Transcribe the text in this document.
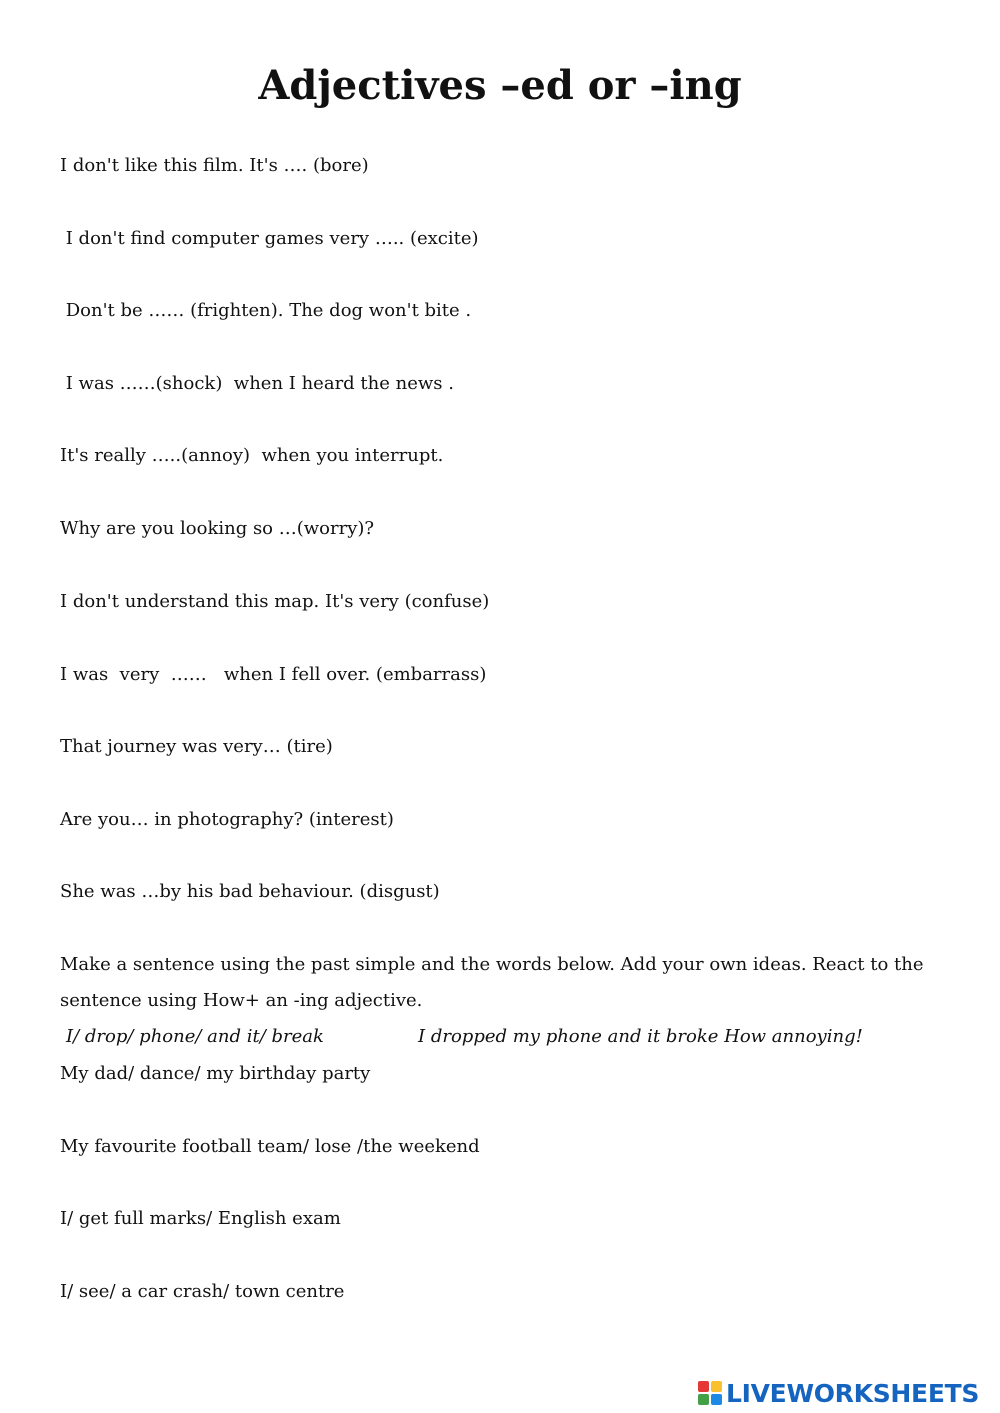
Adjectives –ed or –ing
I don't like this film. It's …. (bore)
I don't find computer games very ….. (excite)
Don't be …… (frighten). The dog won't bite .
I was ……(shock)  when I heard the news .
It's really …..(annoy)  when you interrupt.
Why are you looking so …(worry)?
I don't understand this map. It's very (confuse)
I was  very  ……   when I fell over. (embarrass)
That journey was very… (tire)
Are you… in photography? (interest)
She was …by his bad behaviour. (disgust)
Make a sentence using the past simple and the words below. Add your own ideas. React to the
sentence using How+ an -ing adjective.
I/ drop/ phone/ and it/ break	I dropped my phone and it broke How annoying!
My dad/ dance/ my birthday party
My favourite football team/ lose /the weekend
I/ get full marks/ English exam
I/ see/ a car crash/ town centre
LIVEWORKSHEETS
